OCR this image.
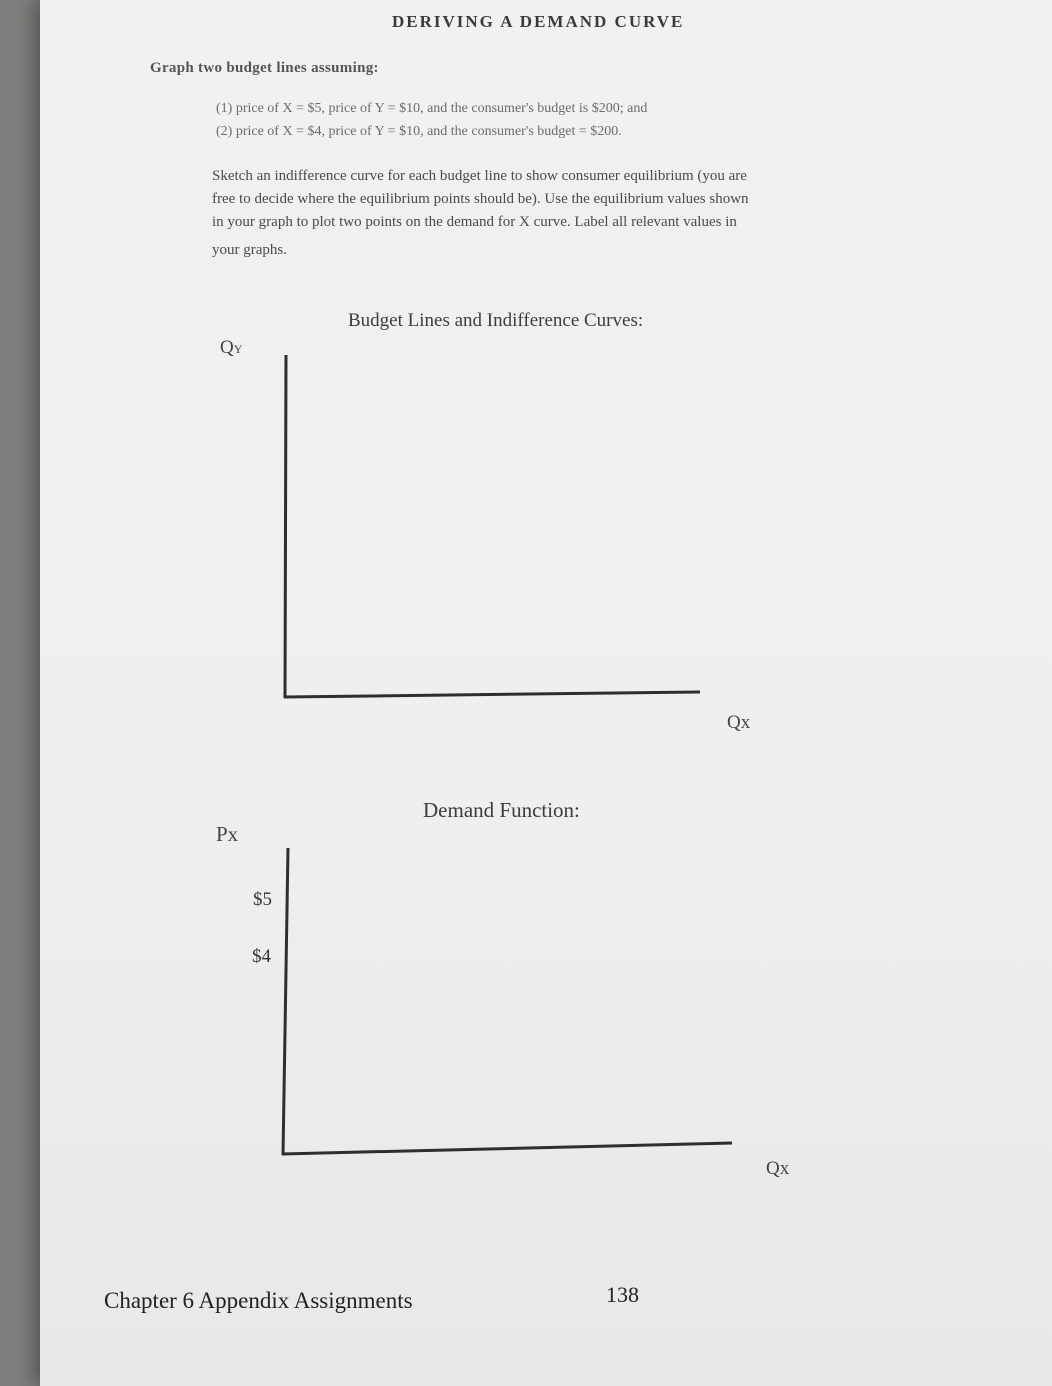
DERIVING A DEMAND CURVE
Graph two budget lines assuming:
(1) price of X = $5, price of Y = $10, and the consumer's budget is $200; and
(2) price of X = $4, price of Y = $10, and the consumer's budget = $200.
Sketch an indifference curve for each budget line to show consumer equilibrium (you are
free to decide where the equilibrium points should be). Use the equilibrium values shown
in your graph to plot two points on the demand for X curve. Label all relevant values in
your graphs.
Budget Lines and Indifference Curves:
QY
Qx
Demand Function:
Px
$5
$4
Qx
Chapter 6 Appendix Assignments	138
